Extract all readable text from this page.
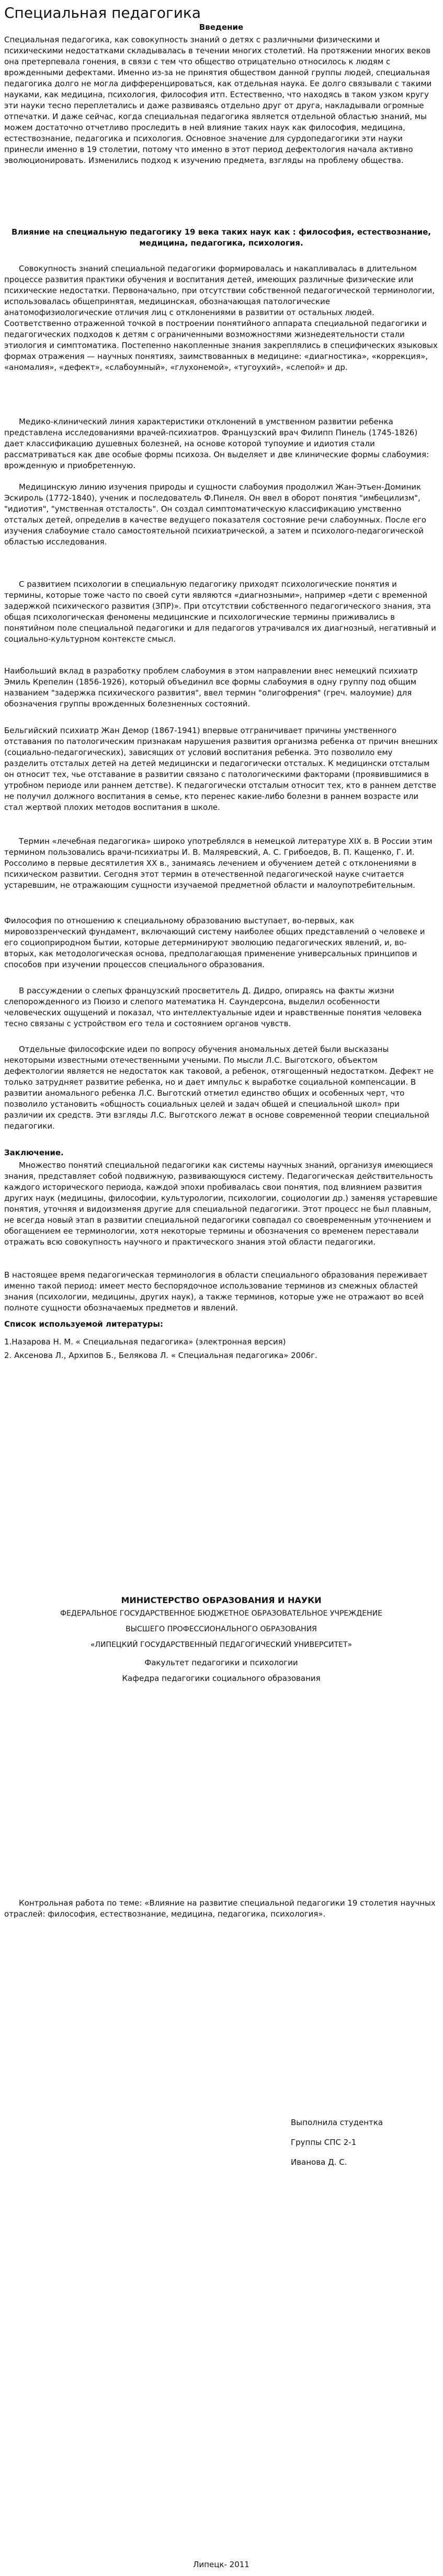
Специальная педагогика
Введение

Специальная педагогика, как совокупность знаний о детях с различными физическими и психическими недостатками складывалась в течении многих столетий. На протяжении многих веков она претерпевала гонения, в связи с тем что общество отрицательно относилось к людям с врожденными дефектами. Именно из-за не принятия обществом данной группы людей, специальная педагогика долго не могла дифференцироваться, как отдельная наука. Ее долго связывали с такими науками, как медицина, психология, философия итп. Естественно, что находясь в таком узком кругу эти науки тесно переплетались и даже развиваясь отдельно друг от друга, накладывали огромные отпечатки. И даже сейчас, когда специальная педагогика является отдельной областью знаний, мы можем достаточно отчетливо проследить в ней влияние таких наук как философия, медицина, естествознание, педагогика и психология. Основное значение для сурдопедагогики эти науки принесли именно в 19 столетии, потому что именно в этот период дефектология начала активно эволюционировать. Изменились подход к изучению предмета, взгляды на проблему общества.

Влияние на специальную педагогику 19 века таких наук как : философия, естествознание, медицина, педагогика, психология.

Совокупность знаний специальной педагогики формировалась и накапливалась в длительном процессе развития практики обучения и воспитания детей, имеющих различные физические или психические недостатки. Первоначально, при отсутствии собственной педагогической терминологии, использовалась общепринятая, медицинская, обозначающая патологические анатомофизиологические отличия лиц с отклонениями в развитии от остальных людей. Соответственно отраженной точкой в построении понятийного аппарата специальной педагогики и педагогических подходов к детям с ограниченными возможностями жизнедеятельности стали этиология и симптоматика. Постепенно накопленные знания закреплялись в специфических языковых формах отражения — научных понятиях, заимствованных в медицине: «диагностика», «коррекция», «аномалия», «дефект», «слабоумный», «глухонемой», «тугоухий», «слепой» и др.

Медико-клинический линия характеристики отклонений в умственном развитии ребенка представлена исследованиями врачей-психиатров. Французский врач Филипп Пинель (1745-1826) дает классификацию душевных болезней, на основе которой тупоумие и идиотия стали рассматриваться как две особые формы психоза. Он выделяет и две клинические формы слабоумия: врожденную и приобретенную.

Медицинскую линию изучения природы и сущности слабоумия продолжил Жан-Этьен-Доминик Эскироль (1772-1840), ученик и последователь Ф.Пинеля. Он ввел в оборот понятия "имбецилизм", "идиотия", "умственная отсталость". Он создал симптоматическую классификацию умственно отсталых детей, определив в качестве ведущего показателя состояние речи слабоумных. После его изучения слабоумие стало самостоятельной психиатрической, а затем и психолого-педагогической областью исследования.

С развитием психологии в специальную педагогику приходят психологические понятия и термины, которые тоже часто по своей сути являются «диагнозными», например «дети с временной задержкой психического развития (ЗПР)». При отсутствии собственного педагогического знания, эта общая психологическая феномены медицинские и психологические термины приживались в понятийном поле специальной педагогики и для педагогов утрачивался их диагнозный, негативный и социально-культурном контексте смысл.

Наибольший вклад в разработку проблем слабоумия в этом направлении внес немецкий психиатр Эмиль Крепелин (1856-1926), который объединил все формы слабоумия в одну группу под общим названием "задержка психического развития", ввел термин "олигофрения" (греч. малоумие) для обозначения группы врожденных болезненных состояний.

Бельгийский психиатр Жан Демор (1867-1941) впервые отграничивает причины умственного отставания по патологическим признакам нарушения развития организма ребенка от причин внешних (социально-педагогических), зависящих от условий воспитания ребенка. Это позволило ему разделить отсталых детей на детей медицински и педагогически отсталых. К медицински отсталым он относит тех, чье отставание в развитии связано с патологическими факторами (проявившимися в утробном периоде или раннем детстве). К педагогически отсталым относит тех, кто в раннем детстве не получил должного воспитания в семье, кто перенес какие-либо болезни в раннем возрасте или стал жертвой плохих методов воспитания в школе.

Термин «лечебная педагогика» широко употреблялся в немецкой литературе XIX в. В России этим термином пользовались врачи-психиатры И. В. Маляревский, А. С. Грибоедов, В. П. Кащенко, Г. И. Россолимо в первые десятилетия XX в., занимаясь лечением и обучением детей с отклонениями в психическом развитии. Сегодня этот термин в отечественной педагогической науке считается устаревшим, не отражающим сущности изучаемой предметной области и малоупотребительным.

Философия по отношению к специальному образованию выступает, во-первых, как мировоззренческий фундамент, включающий систему наиболее общих представлений о человеке и его социоприродном бытии, которые детерминируют эволюцию педагогических явлений, и, во-вторых, как методологическая основа, предполагающая применение универсальных принципов и способов при изучении процессов специального образования.

В рассуждении о слепых французский просветитель Д. Дидро, опираясь на факты жизни слепорожденного из Пюизо и слепого математика Н. Саундерсона, выделил особенности человеческих ощущений и показал, что интеллектуальные идеи и нравственные понятия человека тесно связаны с устройством его тела и состоянием органов чувств.

Отдельные философские идеи по вопросу обучения аномальных детей были высказаны некоторыми известными отечественными учеными. По мысли Л.С. Выготского, объектом дефектологии является не недостаток как таковой, а ребенок, отягощенный недостатком. Дефект не только затрудняет развитие ребенка, но и дает импульс к выработке социальной компенсации. В развитии аномального ребенка Л.С. Выготский отметил единство общих и особенных черт, что позволило установить «общность социальных целей и задач общей и специальной школ» при различии их средств. Эти взгляды Л.С. Выготского лежат в основе современной теории специальной педагогики.

Заключение.

Множество понятий специальной педагогики как системы научных знаний, организуя имеющиеся знания, представляет собой подвижную, развивающуюся систему. Педагогическая действительность каждого исторического периода, каждой эпохи пробивалась свои понятия, под влиянием развития других наук (медицины, философии, культурологии, психологии, социологии др.) заменяя устаревшие понятия, уточняя и видоизменяя другие для специальной педагогики. Этот процесс не был плавным, не всегда новый этап в развитии специальной педагогики совпадал со своевременным уточнением и обогащением ее терминологии, хотя некоторые термины и обозначения со временем переставали отражать всю совокупность научного и практического знания этой области педагогики.

В настоящее время педагогическая терминология в области специального образования переживает именно такой период: имеет место беспорядочное использование терминов из смежных областей знания (психологии, медицины, других наук), а также терминов, которые уже не отражают во всей полноте сущности обозначаемых предметов и явлений.

Список используемой литературы:
1.Назарова Н. М. « Специальная педагогика» (электронная версия)
2. Аксенова Л., Архипов Б., Белякова Л. « Специальная педагогика» 2006г.
МИНИСТЕРСТВО ОБРАЗОВАНИЯ И НАУКИ
ФЕДЕРАЛЬНОЕ ГОСУДАРСТВЕННОЕ БЮДЖЕТНОЕ ОБРАЗОВАТЕЛЬНОЕ УЧРЕЖДЕНИЕ
ВЫСШЕГО ПРОФЕССИОНАЛЬНОГО ОБРАЗОВАНИЯ
«ЛИПЕЦКИЙ ГОСУДАРСТВЕННЫЙ ПЕДАГОГИЧЕСКИЙ УНИВЕРСИТЕТ»
Факультет педагогики и психологии
Кафедра педагогики социального образования

Контрольная работа по теме: «Влияние на развитие специальной педагогики 19 столетия научных отраслей: философия, естествознание, медицина, педагогика, психология».

Выполнила студентка
Группы СПС 2-1
Иванова Д. С.
Липецк- 2011
